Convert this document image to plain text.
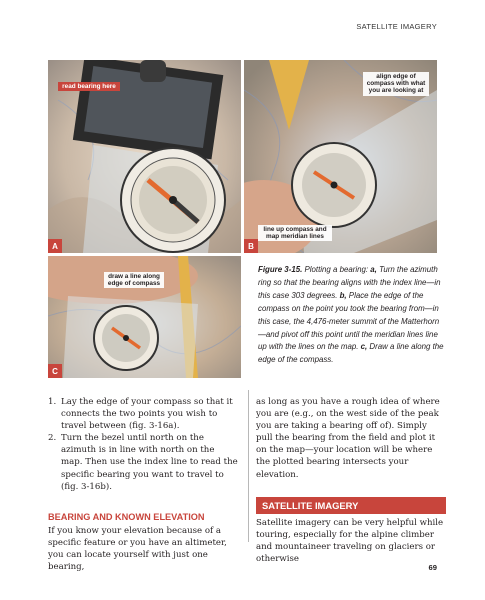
SATELLITE IMAGERY
read bearing here
A
align edge of compass with what you are looking at
line up compass and map meridian lines
B
draw a line along edge of compass
C
Figure 3-15. Plotting a bearing: a, Turn the azimuth ring so that the bearing aligns with the index line—in this case 303 degrees. b, Place the edge of the compass on the point you took the bearing from—in this case, the 4,476-meter summit of the Matterhorn—and pivot off this point until the meridian lines line up with the lines on the map. c, Draw a line along the edge of the compass.
1. Lay the edge of your compass so that it connects the two points you wish to travel between (fig. 3-16a).
2. Turn the bezel until north on the azimuth is in line with north on the map. Then use the index line to read the specific bearing you want to travel to (fig. 3-16b).
BEARING AND KNOWN ELEVATION

If you know your elevation because of a specific feature or you have an altimeter, you can locate yourself with just one bearing,

as long as you have a rough idea of where you are (e.g., on the west side of the peak you are taking a bearing off of). Simply pull the bearing from the field and plot it on the map—your location will be where the plotted bearing intersects your elevation.

SATELLITE IMAGERY

Satellite imagery can be very helpful while touring, especially for the alpine climber and mountaineer traveling on glaciers or otherwise

69
